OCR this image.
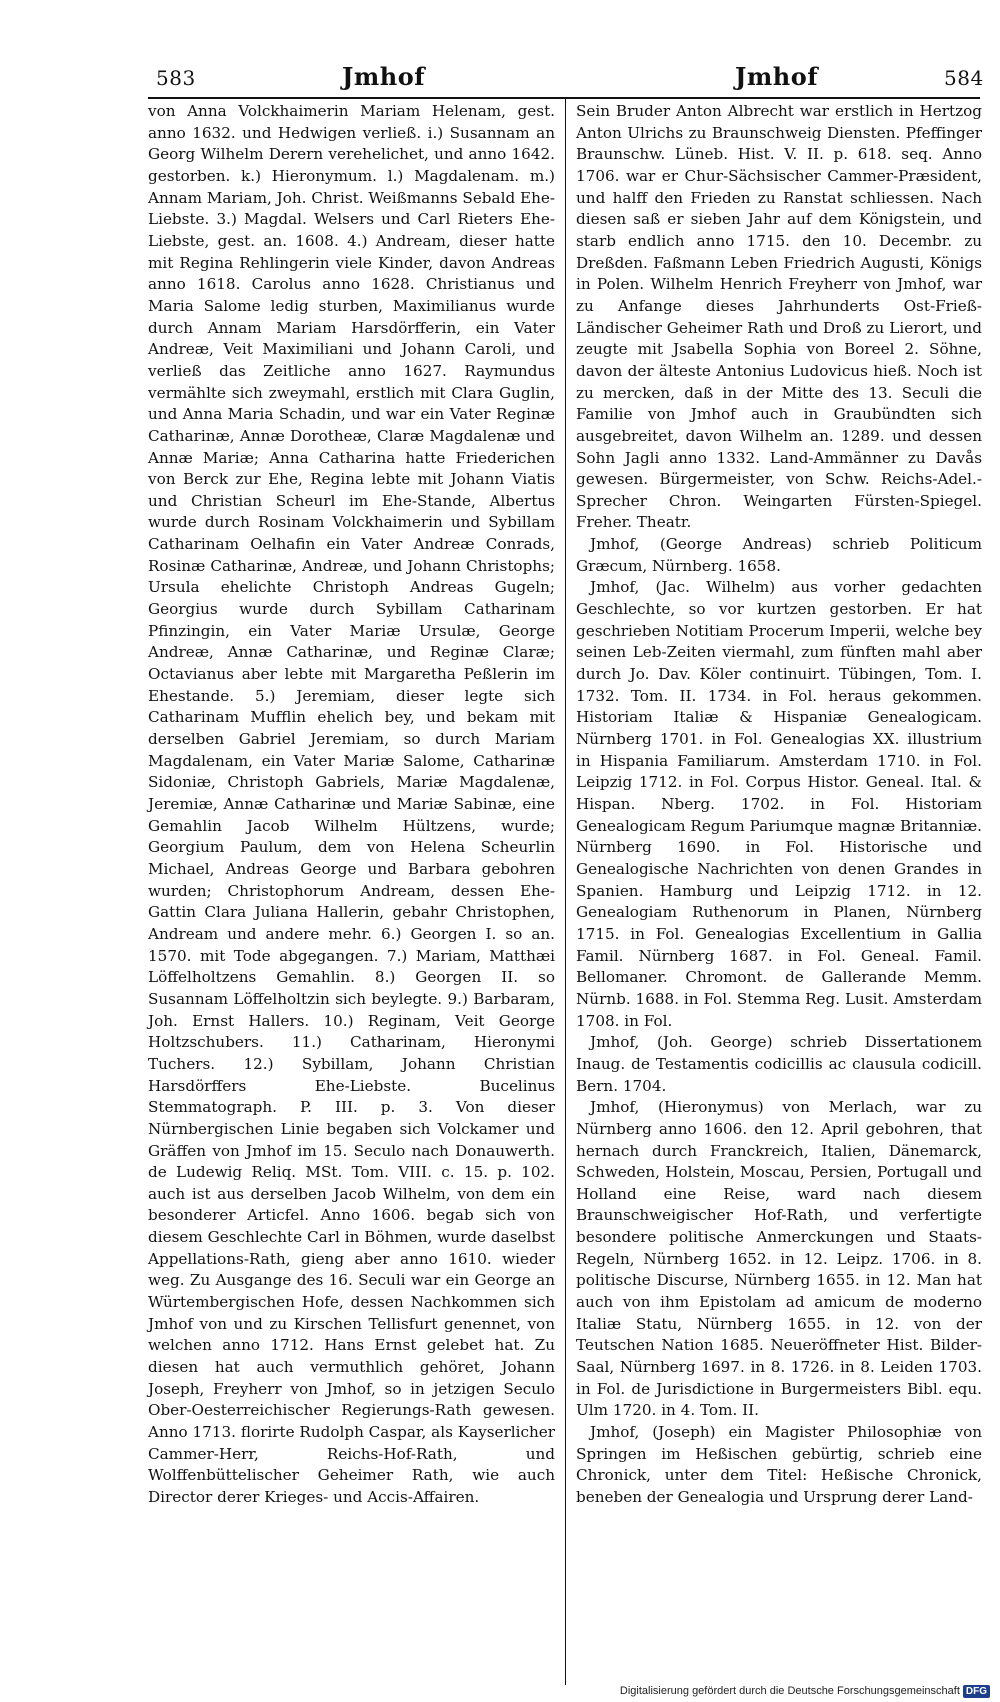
583	Jmhof	Jmhof	584

von Anna Volckhaimerin Mariam Helenam, gest. anno 1632. und Hedwigen verließ. i.) Susannam an Georg Wilhelm Derern verehelichet, und anno 1642. gestorben. k.) Hieronymum. l.) Magdalenam. m.) Annam Mariam, Joh. Christ. Weißmanns Sebald Ehe-Liebste. 3.) Magdal. Welsers und Carl Rieters Ehe-Liebste, gest. an. 1608. 4.) Andream, dieser hatte mit Regina Rehlingerin viele Kinder, davon Andreas anno 1618. Carolus anno 1628. Christianus und Maria Salome ledig sturben, Maximilianus wurde durch Annam Mariam Harsdörfferin, ein Vater Andreæ, Veit Maximiliani und Johann Caroli, und verließ das Zeitliche anno 1627. Raymundus vermählte sich zweymahl, erstlich mit Clara Guglin, und Anna Maria Schadin, und war ein Vater Reginæ Catharinæ, Annæ Dorotheæ, Claræ Magdalenæ und Annæ Mariæ; Anna Catharina hatte Friederichen von Berck zur Ehe, Regina lebte mit Johann Viatis und Christian Scheurl im Ehe-Stande, Albertus wurde durch Rosinam Volckhaimerin und Sybillam Catharinam Oelhafin ein Vater Andreæ Conrads, Rosinæ Catharinæ, Andreæ, und Johann Christophs; Ursula ehelichte Christoph Andreas Gugeln; Georgius wurde durch Sybillam Catharinam Pfinzingin, ein Vater Mariæ Ursulæ, George Andreæ, Annæ Catharinæ, und Reginæ Claræ; Octavianus aber lebte mit Margaretha Peßlerin im Ehestande. 5.) Jeremiam, dieser legte sich Catharinam Mufflin ehelich bey, und bekam mit derselben Gabriel Jeremiam, so durch Mariam Magdalenam, ein Vater Mariæ Salome, Catharinæ Sidoniæ, Christoph Gabriels, Mariæ Magdalenæ, Jeremiæ, Annæ Catharinæ und Mariæ Sabinæ, eine Gemahlin Jacob Wilhelm Hültzens, wurde; Georgium Paulum, dem von Helena Scheurlin Michael, Andreas George und Barbara gebohren wurden; Christophorum Andream, dessen Ehe-Gattin Clara Juliana Hallerin, gebahr Christophen, Andream und andere mehr. 6.) Georgen I. so an. 1570. mit Tode abgegangen. 7.) Mariam, Matthæi Löffelholtzens Gemahlin. 8.) Georgen II. so Susannam Löffelholtzin sich beylegte. 9.) Barbaram, Joh. Ernst Hallers. 10.) Reginam, Veit George Holtzschubers. 11.) Catharinam, Hieronymi Tuchers. 12.) Sybillam, Johann Christian Harsdörffers Ehe-Liebste. Bucelinus Stemmatograph. P. III. p. 3. Von dieser Nürnbergischen Linie begaben sich Volckamer und Gräffen von Jmhof im 15. Seculo nach Donauwerth. de Ludewig Reliq. MSt. Tom. VIII. c. 15. p. 102. auch ist aus derselben Jacob Wilhelm, von dem ein besonderer Articfel. Anno 1606. begab sich von diesem Geschlechte Carl in Böhmen, wurde daselbst Appellations-Rath, gieng aber anno 1610. wieder weg. Zu Ausgange des 16. Seculi war ein George an Würtembergischen Hofe, dessen Nachkommen sich Jmhof von und zu Kirschen Tellisfurt genennet, von welchen anno 1712. Hans Ernst gelebet hat. Zu diesen hat auch vermuthlich gehöret, Johann Joseph, Freyherr von Jmhof, so in jetzigen Seculo Ober-Oesterreichischer Regierungs-Rath gewesen. Anno 1713. florirte Rudolph Caspar, als Kayserlicher Cammer-Herr, Reichs-Hof-Rath, und Wolffenbüttelischer Geheimer Rath, wie auch Director derer Krieges- und Accis-Affairen.

Sein Bruder Anton Albrecht war erstlich in Hertzog Anton Ulrichs zu Braunschweig Diensten. Pfeffinger Braunschw. Lüneb. Hist. V. II. p. 618. seq. Anno 1706. war er Chur-Sächsischer Cammer-Præsident, und halff den Frieden zu Ranstat schliessen. Nach diesen saß er sieben Jahr auf dem Königstein, und starb endlich anno 1715. den 10. Decembr. zu Dreßden. Faßmann Leben Friedrich Augusti, Königs in Polen. Wilhelm Henrich Freyherr von Jmhof, war zu Anfange dieses Jahrhunderts Ost-Frieß-Ländischer Geheimer Rath und Droß zu Lierort, und zeugte mit Jsabella Sophia von Boreel 2. Söhne, davon der älteste Antonius Ludovicus hieß. Noch ist zu mercken, daß in der Mitte des 13. Seculi die Familie von Jmhof auch in Graubündten sich ausgebreitet, davon Wilhelm an. 1289. und dessen Sohn Jagli anno 1332. Land-Ammänner zu Davås gewesen. Bürgermeister, von Schw. Reichs-Adel.-Sprecher Chron. Weingarten Fürsten-Spiegel. Freher. Theatr.

Jmhof, (George Andreas) schrieb Politicum Græcum, Nürnberg. 1658.

Jmhof, (Jac. Wilhelm) aus vorher gedachten Geschlechte, so vor kurtzen gestorben. Er hat geschrieben Notitiam Procerum Imperii, welche bey seinen Leb-Zeiten viermahl, zum fünften mahl aber durch Jo. Dav. Köler continuirt. Tübingen, Tom. I. 1732. Tom. II. 1734. in Fol. heraus gekommen. Historiam Italiæ & Hispaniæ Genealogicam. Nürnberg 1701. in Fol. Genealogias XX. illustrium in Hispania Familiarum. Amsterdam 1710. in Fol. Leipzig 1712. in Fol. Corpus Histor. Geneal. Ital. & Hispan. Nberg. 1702. in Fol. Historiam Genealogicam Regum Pariumque magnæ Britanniæ. Nürnberg 1690. in Fol. Historische und Genealogische Nachrichten von denen Grandes in Spanien. Hamburg und Leipzig 1712. in 12. Genealogiam Ruthenorum in Planen, Nürnberg 1715. in Fol. Genealogias Excellentium in Gallia Famil. Nürnberg 1687. in Fol. Geneal. Famil. Bellomaner. Chromont. de Gallerande Memm. Nürnb. 1688. in Fol. Stemma Reg. Lusit. Amsterdam 1708. in Fol.

Jmhof, (Joh. George) schrieb Dissertationem Inaug. de Testamentis codicillis ac clausula codicill. Bern. 1704.

Jmhof, (Hieronymus) von Merlach, war zu Nürnberg anno 1606. den 12. April gebohren, that hernach durch Franckreich, Italien, Dänemarck, Schweden, Holstein, Moscau, Persien, Portugall und Holland eine Reise, ward nach diesem Braunschweigischer Hof-Rath, und verfertigte besondere politische Anmerckungen und Staats-Regeln, Nürnberg 1652. in 12. Leipz. 1706. in 8. politische Discurse, Nürnberg 1655. in 12. Man hat auch von ihm Epistolam ad amicum de moderno Italiæ Statu, Nürnberg 1655. in 12. von der Teutschen Nation 1685. Neueröffneter Hist. Bilder-Saal, Nürnberg 1697. in 8. 1726. in 8. Leiden 1703. in Fol. de Jurisdictione in Burgermeisters Bibl. equ. Ulm 1720. in 4. Tom. II.

Jmhof, (Joseph) ein Magister Philosophiæ von Springen im Heßischen gebürtig, schrieb eine Chronick, unter dem Titel: Heßische Chronick, beneben der Genealogia und Ursprung derer Land-

Digitalisierung gefördert durch die Deutsche Forschungsgemeinschaft DFG
